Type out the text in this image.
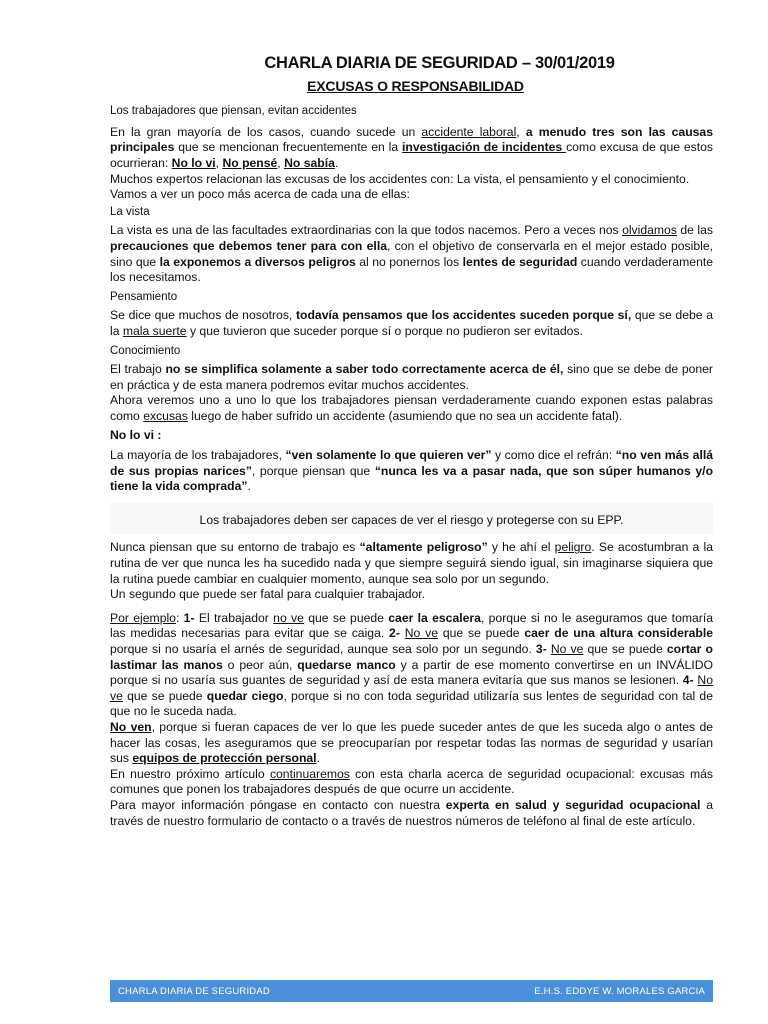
CHARLA DIARIA DE SEGURIDAD – 30/01/2019
EXCUSAS O RESPONSABILIDAD
Los trabajadores que piensan, evitan accidentes

En la gran mayoría de los casos, cuando sucede un accidente laboral, a menudo tres son las causas principales que se mencionan frecuentemente en la investigación de incidentes como excusa de que estos ocurrieran: No lo vi, No pensé, No sabía.

Muchos expertos relacionan las excusas de los accidentes con: La vista, el pensamiento y el conocimiento.

Vamos a ver un poco más acerca de cada una de ellas:

La vista

La vista es una de las facultades extraordinarias con la que todos nacemos. Pero a veces nos olvidamos de las precauciones que debemos tener para con ella, con el objetivo de conservarla en el mejor estado posible, sino que la exponemos a diversos peligros al no ponernos los lentes de seguridad cuando verdaderamente los necesitamos.

Pensamiento

Se dice que muchos de nosotros, todavía pensamos que los accidentes suceden porque sí, que se debe a la mala suerte y que tuvieron que suceder porque sí o porque no pudieron ser evitados.

Conocimiento

El trabajo no se simplifica solamente a saber todo correctamente acerca de él, sino que se debe de poner en práctica y de esta manera podremos evitar muchos accidentes.

Ahora veremos uno a uno lo que los trabajadores piensan verdaderamente cuando exponen estas palabras como excusas luego de haber sufrido un accidente (asumiendo que no sea un accidente fatal).

No lo vi :

La mayoría de los trabajadores, “ven solamente lo que quieren ver” y como dice el refrán: “no ven más allá de sus propias narices”, porque piensan que “nunca les va a pasar nada, que son súper humanos y/o tiene la vida comprada”.

Los trabajadores deben ser capaces de ver el riesgo y protegerse con su EPP.

Nunca piensan que su entorno de trabajo es “altamente peligroso” y he ahí el peligro. Se acostumbran a la rutina de ver que nunca les ha sucedido nada y que siempre seguirá siendo igual, sin imaginarse siquiera que la rutina puede cambiar en cualquier momento, aunque sea solo por un segundo.

Un segundo que puede ser fatal para cualquier trabajador.

Por ejemplo: 1- El trabajador no ve que se puede caer la escalera, porque si no le aseguramos que tomaría las medidas necesarias para evitar que se caiga. 2- No ve que se puede caer de una altura considerable porque si no usaría el arnés de seguridad, aunque sea solo por un segundo. 3- No ve que se puede cortar o lastimar las manos o peor aún, quedarse manco y a partir de ese momento convertirse en un INVÁLIDO porque si no usaría sus guantes de seguridad y así de esta manera evitaría que sus manos se lesionen. 4- No ve que se puede quedar ciego, porque si no con toda seguridad utilizaría sus lentes de seguridad con tal de que no le suceda nada.

No ven, porque si fueran capaces de ver lo que les puede suceder antes de que les suceda algo o antes de hacer las cosas, les aseguramos que se preocuparían por respetar todas las normas de seguridad y usarían sus equipos de protección personal.

En nuestro próximo artículo continuaremos con esta charla acerca de seguridad ocupacional: excusas más comunes que ponen los trabajadores después de que ocurre un accidente.

Para mayor información póngase en contacto con nuestra experta en salud y seguridad ocupacional a través de nuestro formulario de contacto o a través de nuestros números de teléfono al final de este artículo.

CHARLA DIARIA DE SEGURIDAD	E.H.S. EDDYE W. MORALES GARCIA
